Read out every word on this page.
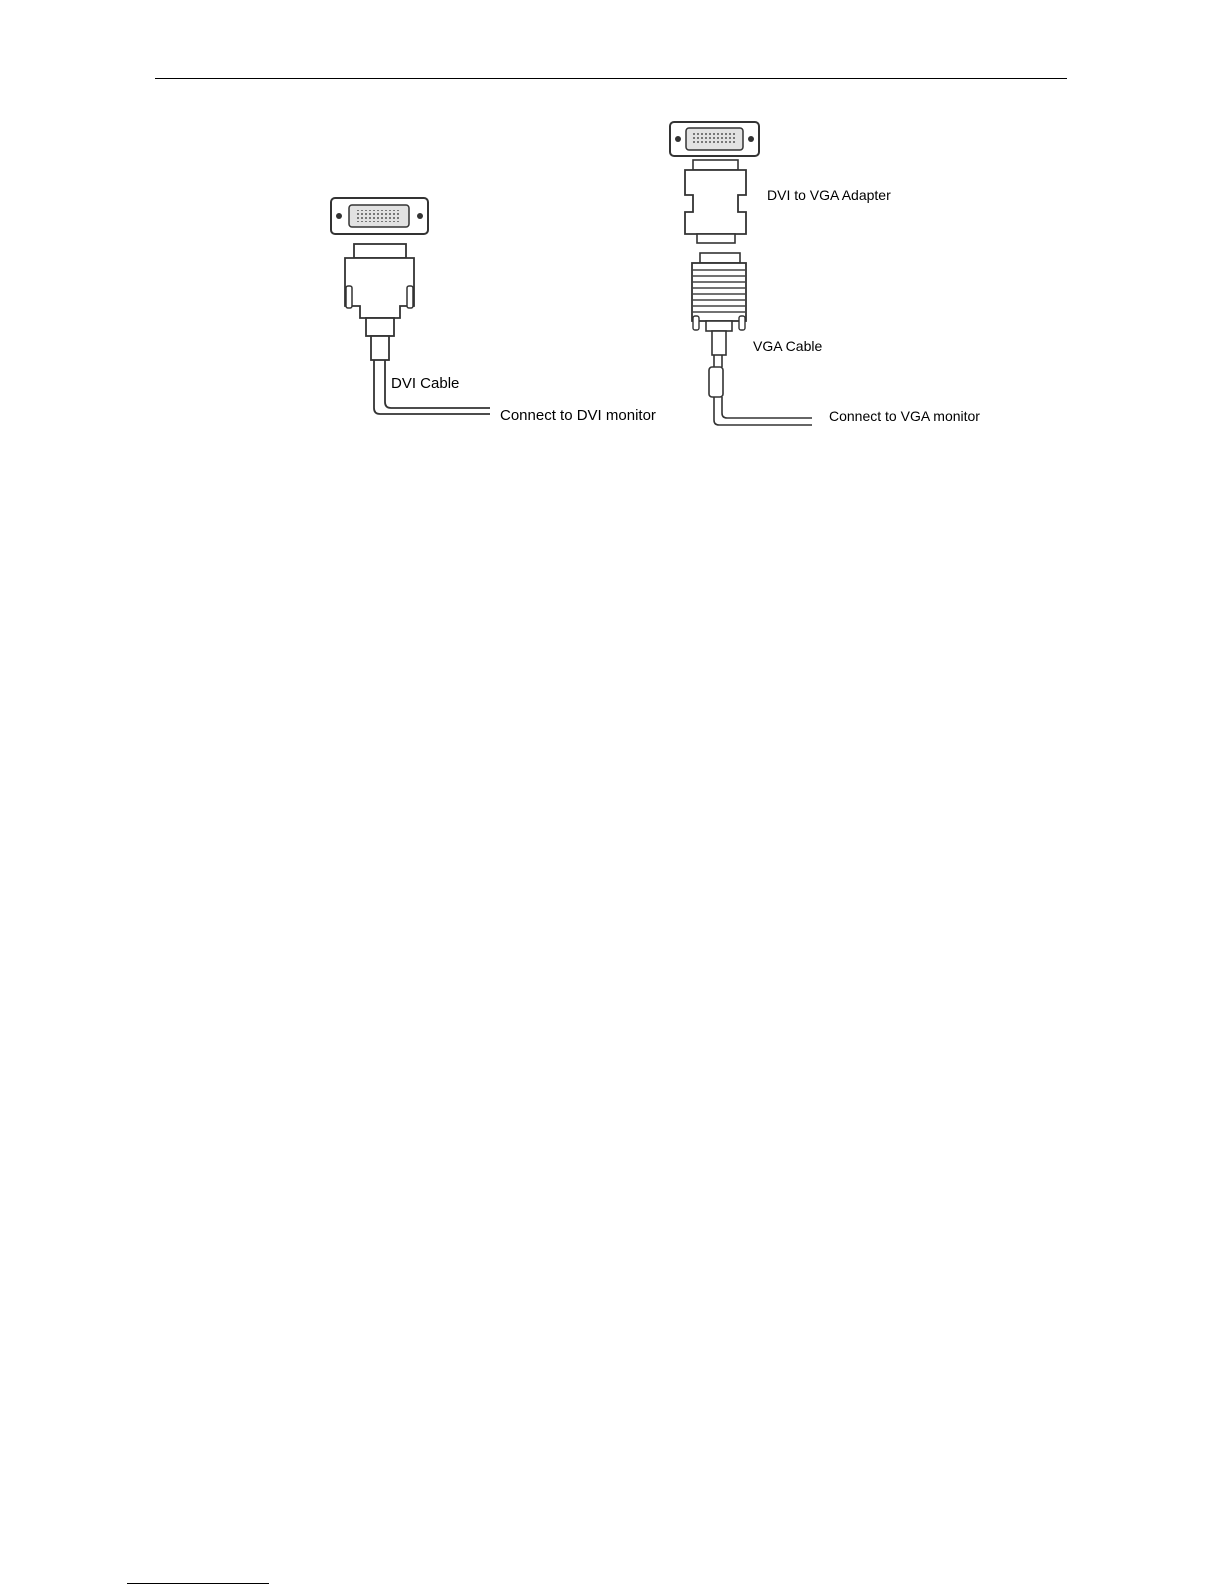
DVI Cable
Connect to DVI monitor
DVI to VGA Adapter
VGA Cable
Connect to VGA monitor
